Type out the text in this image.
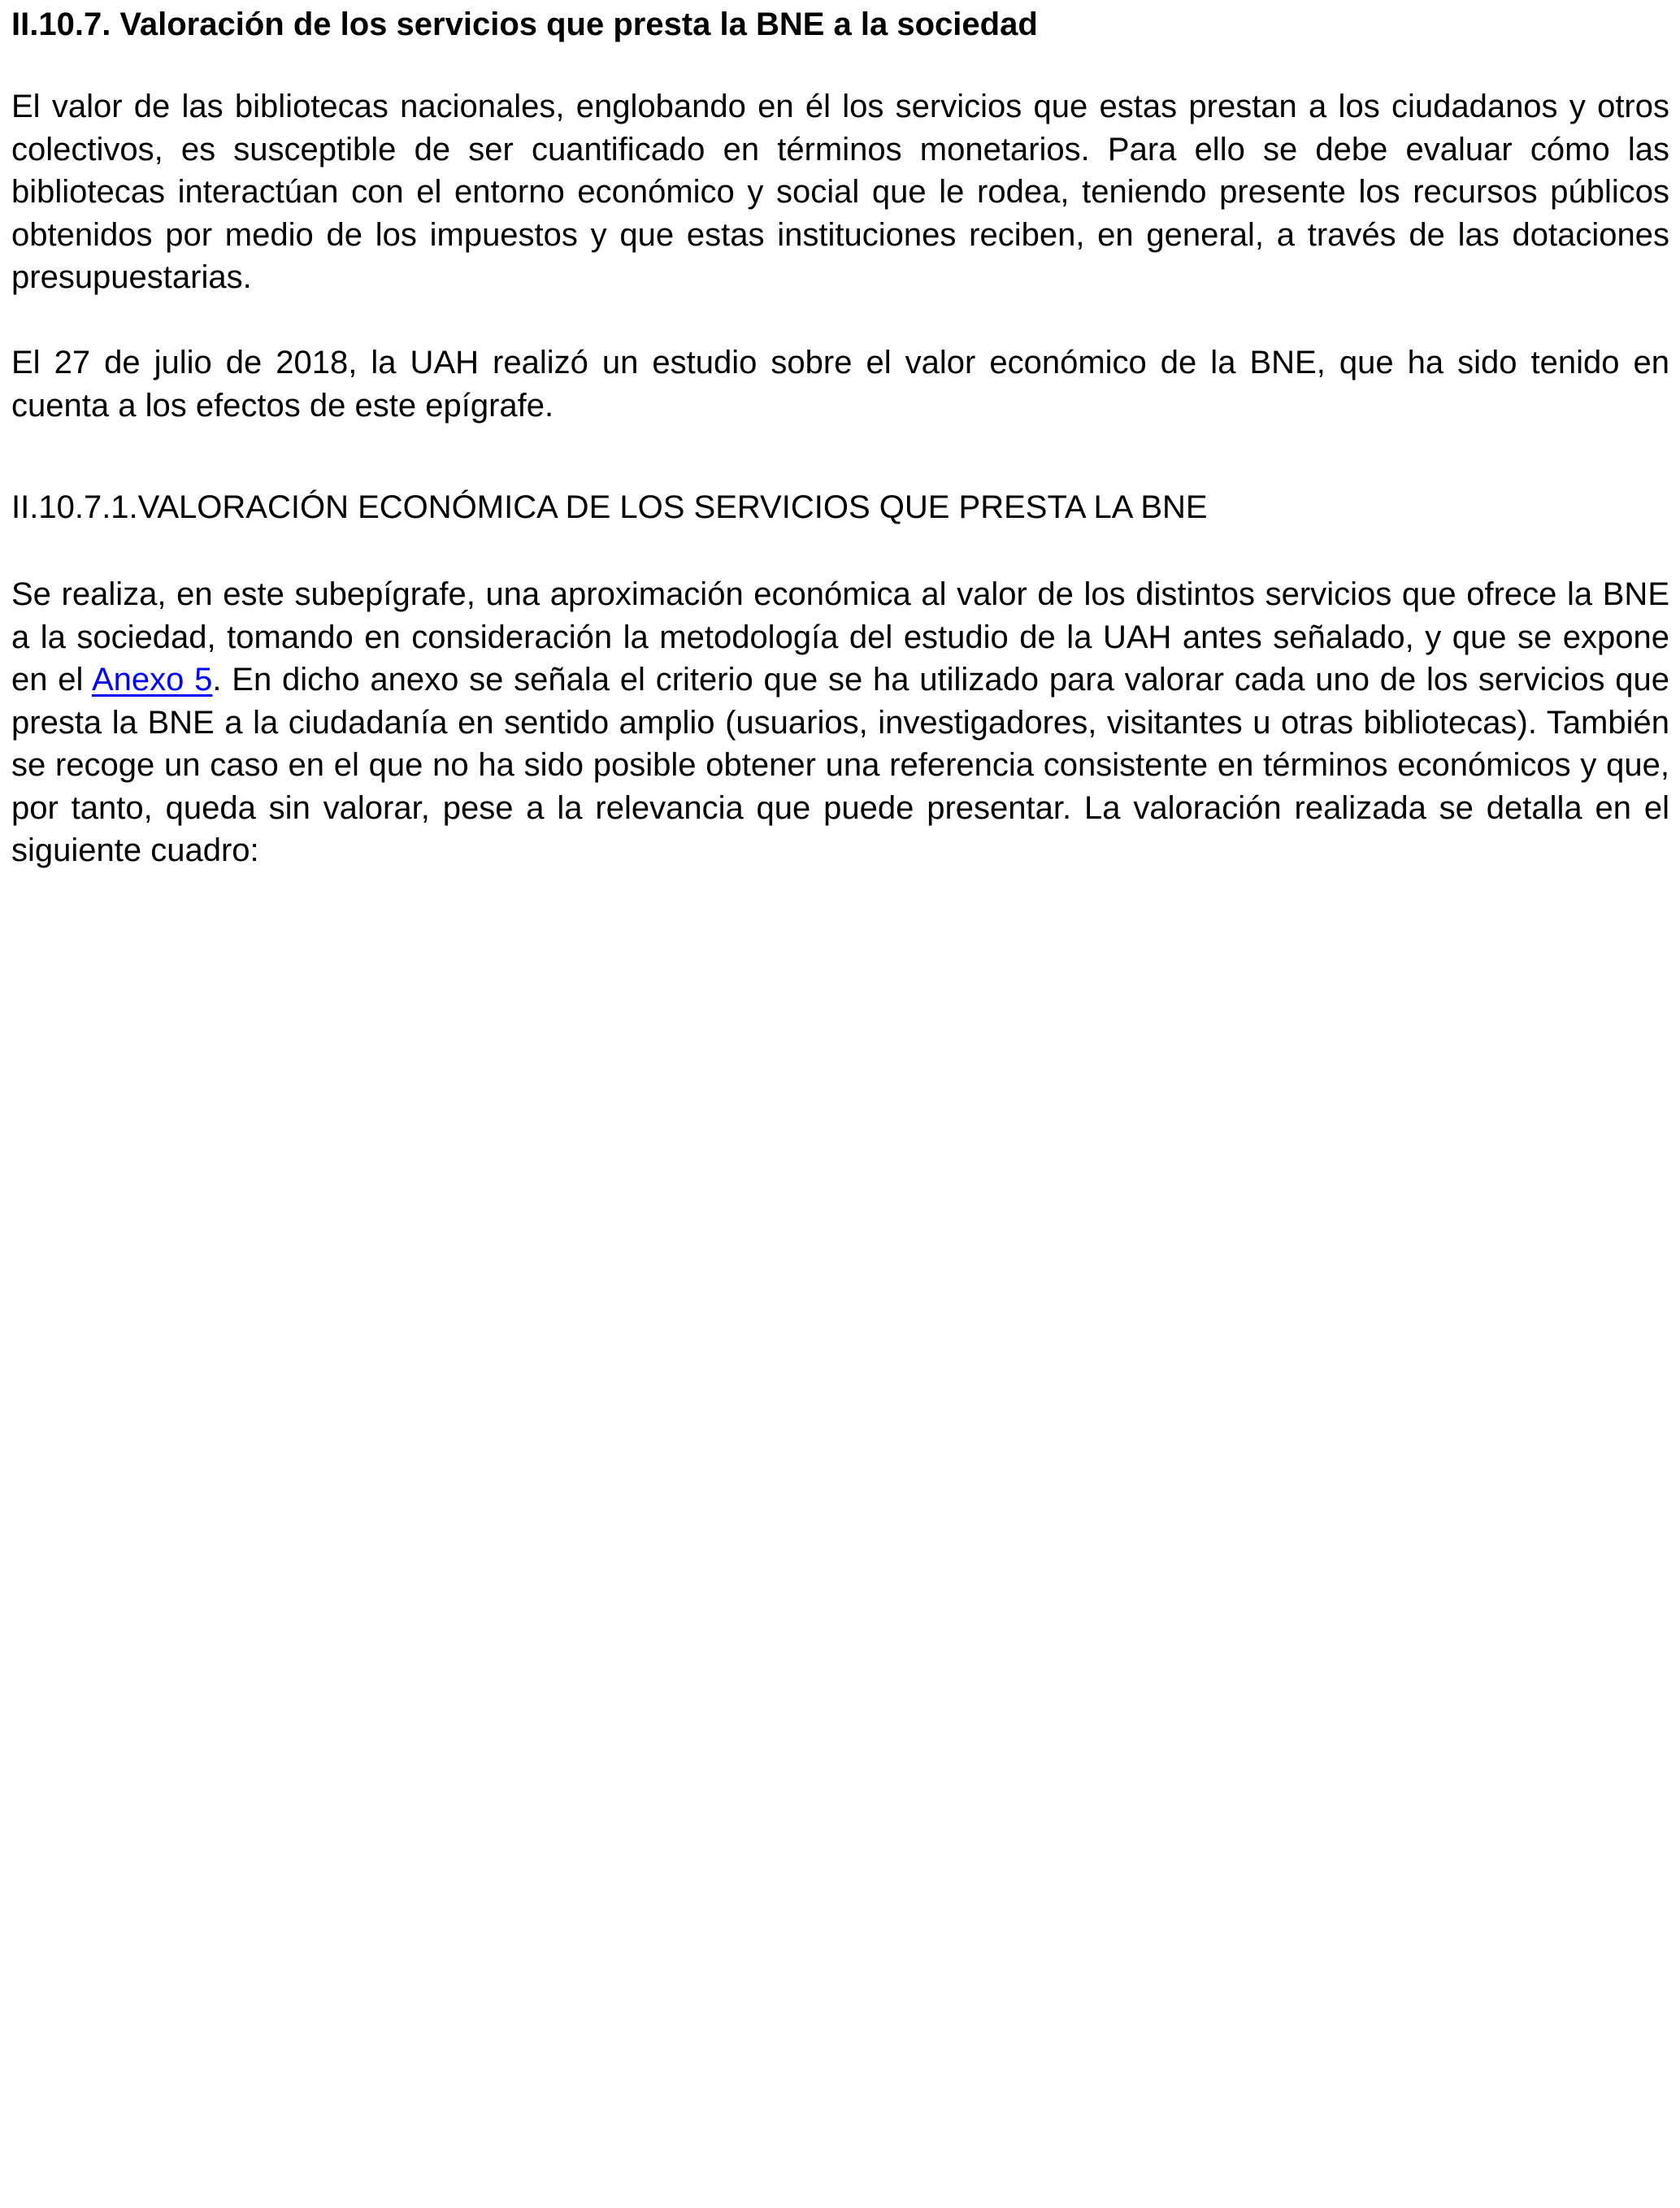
II.10.7. Valoración de los servicios que presta la BNE a la sociedad

El valor de las bibliotecas nacionales, englobando en él los servicios que estas prestan a los ciudadanos y otros colectivos, es susceptible de ser cuantificado en términos monetarios. Para ello se debe evaluar cómo las bibliotecas interactúan con el entorno económico y social que le rodea, teniendo presente los recursos públicos obtenidos por medio de los impuestos y que estas instituciones reciben, en general, a través de las dotaciones presupuestarias.

El 27 de julio de 2018, la UAH realizó un estudio sobre el valor económico de la BNE, que ha sido tenido en cuenta a los efectos de este epígrafe.

II.10.7.1.VALORACIÓN ECONÓMICA DE LOS SERVICIOS QUE PRESTA LA BNE

Se realiza, en este subepígrafe, una aproximación económica al valor de los distintos servicios que ofrece la BNE a la sociedad, tomando en consideración la metodología del estudio de la UAH antes señalado, y que se expone en el Anexo 5. En dicho anexo se señala el criterio que se ha utilizado para valorar cada uno de los servicios que presta la BNE a la ciudadanía en sentido amplio (usuarios, investigadores, visitantes u otras bibliotecas). También se recoge un caso en el que no ha sido posible obtener una referencia consistente en términos económicos y que, por tanto, queda sin valorar, pese a la relevancia que puede presentar. La valoración realizada se detalla en el siguiente cuadro:
